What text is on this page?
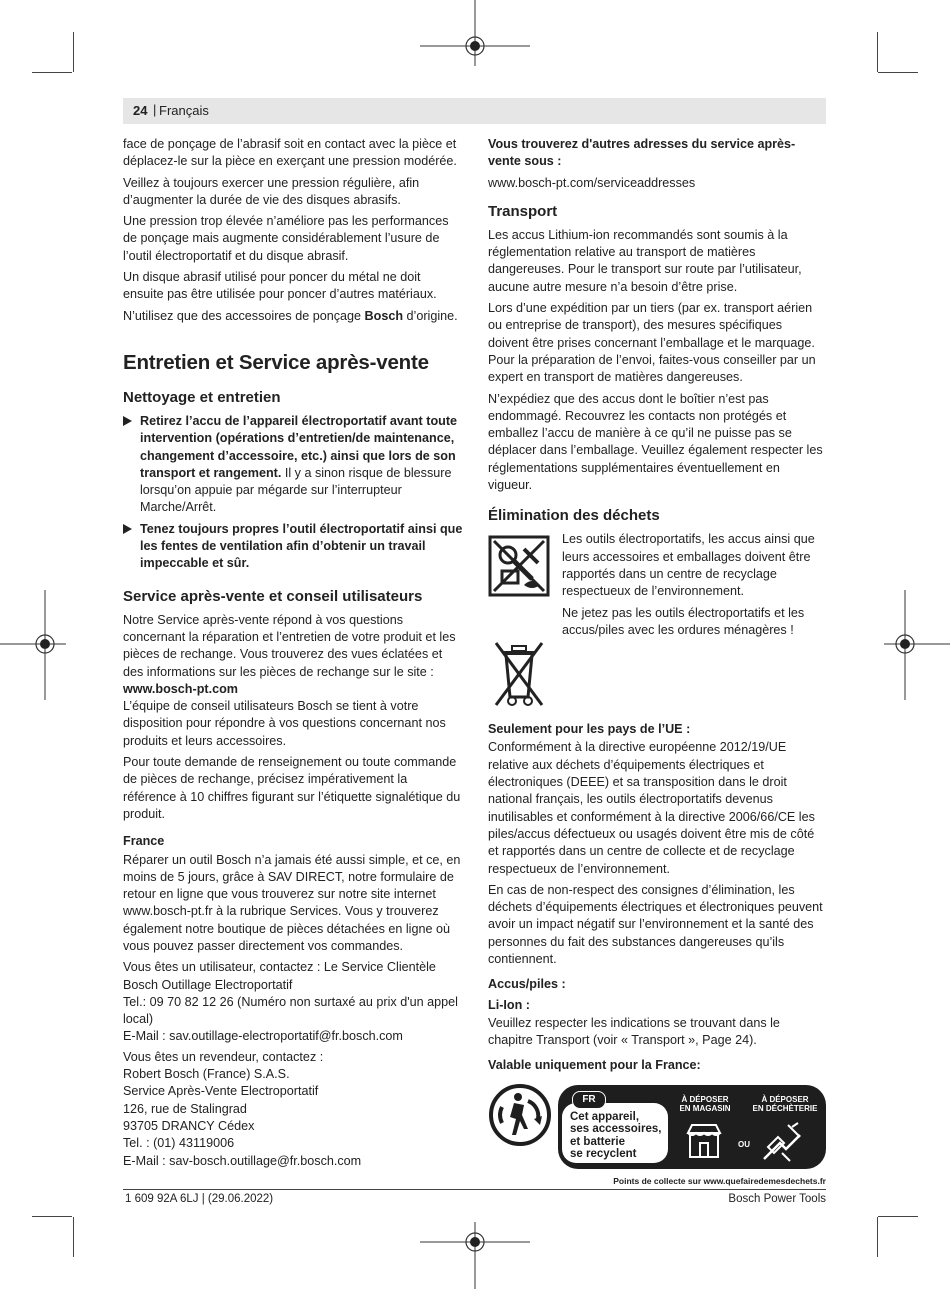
24 | Français

face de ponçage de l’abrasif soit en contact avec la pièce et déplacez-le sur la pièce en exerçant une pression modérée.

Veillez à toujours exercer une pression régulière, afin d’augmenter la durée de vie des disques abrasifs.

Une pression trop élevée n’améliore pas les performances de ponçage mais augmente considérablement l’usure de l’outil électroportatif et du disque abrasif.

Un disque abrasif utilisé pour poncer du métal ne doit ensuite pas être utilisée pour poncer d’autres matériaux.

N’utilisez que des accessoires de ponçage Bosch d’origine.

Entretien et Service après-vente
Nettoyage et entretien
Retirez l’accu de l’appareil électroportatif avant toute intervention (opérations d’entretien/de maintenance, changement d’accessoire, etc.) ainsi que lors de son transport et rangement. Il y a sinon risque de blessure lorsqu’on appuie par mégarde sur l’interrupteur Marche/Arrêt.
Tenez toujours propres l’outil électroportatif ainsi que les fentes de ventilation afin d’obtenir un travail impeccable et sûr.
Service après-vente et conseil utilisateurs

Notre Service après-vente répond à vos questions concernant la réparation et l’entretien de votre produit et les pièces de rechange. Vous trouverez des vues éclatées et des informations sur les pièces de rechange sur le site :
www.bosch-pt.com

L’équipe de conseil utilisateurs Bosch se tient à votre disposition pour répondre à vos questions concernant nos produits et leurs accessoires.

Pour toute demande de renseignement ou toute commande de pièces de rechange, précisez impérativement la référence à 10 chiffres figurant sur l’étiquette signalétique du produit.

France

Réparer un outil Bosch n’a jamais été aussi simple, et ce, en moins de 5 jours, grâce à SAV DIRECT, notre formulaire de retour en ligne que vous trouverez sur notre site internet www.bosch-pt.fr à la rubrique Services. Vous y trouverez également notre boutique de pièces détachées en ligne où vous pouvez passer directement vos commandes.

Vous êtes un utilisateur, contactez : Le Service Clientèle
Bosch Outillage Electroportatif
Tel.: 09 70 82 12 26 (Numéro non surtaxé au prix d'un appel local)
E-Mail : sav.outillage-electroportatif@fr.bosch.com

Vous êtes un revendeur, contactez :
Robert Bosch (France) S.A.S.
Service Après-Vente Electroportatif
126, rue de Stalingrad
93705 DRANCY Cédex
Tel. : (01) 43119006
E-Mail : sav-bosch.outillage@fr.bosch.com

Vous trouverez d'autres adresses du service après-vente sous :

www.bosch-pt.com/serviceaddresses

Transport

Les accus Lithium-ion recommandés sont soumis à la réglementation relative au transport de matières dangereuses. Pour le transport sur route par l’utilisateur, aucune autre mesure n’a besoin d’être prise.

Lors d’une expédition par un tiers (par ex. transport aérien ou entreprise de transport), des mesures spécifiques doivent être prises concernant l’emballage et le marquage. Pour la préparation de l’envoi, faites-vous conseiller par un expert en transport de matières dangereuses.

N’expédiez que des accus dont le boîtier n’est pas endommagé. Recouvrez les contacts non protégés et emballez l’accu de manière à ce qu’il ne puisse pas se déplacer dans l’emballage. Veuillez également respecter les réglementations supplémentaires éventuellement en vigueur.

Élimination des déchets

Les outils électroportatifs, les accus ainsi que leurs accessoires et emballages doivent être rapportés dans un centre de recyclage respectueux de l’environnement.

Ne jetez pas les outils électroportatifs et les accus/piles avec les ordures ménagères !

Seulement pour les pays de l’UE :

Conformément à la directive européenne 2012/19/UE relative aux déchets d’équipements électriques et électroniques (DEEE) et sa transposition dans le droit national français, les outils électroportatifs devenus inutilisables et conformément à la directive 2006/66/CE les piles/accus défectueux ou usagés doivent être mis de côté et rapportés dans un centre de collecte et de recyclage respectueux de l’environnement.

En cas de non-respect des consignes d’élimination, les déchets d’équipements électriques et électroniques peuvent avoir un impact négatif sur l’environnement et la santé des personnes du fait des substances dangereuses qu’ils contiennent.

Accus/piles :
Li-Ion :

Veuillez respecter les indications se trouvant dans le chapitre Transport (voir « Transport », Page 24).

Valable uniquement pour la France:
FR
Cet appareil,
ses accessoires,
et batterie
se recyclent
À DÉPOSER
EN MAGASIN
À DÉPOSER
EN DÉCHÈTERIE
OU
Points de collecte sur www.quefairedemesdechets.fr
1 609 92A 6LJ | (29.06.2022)	Bosch Power Tools
